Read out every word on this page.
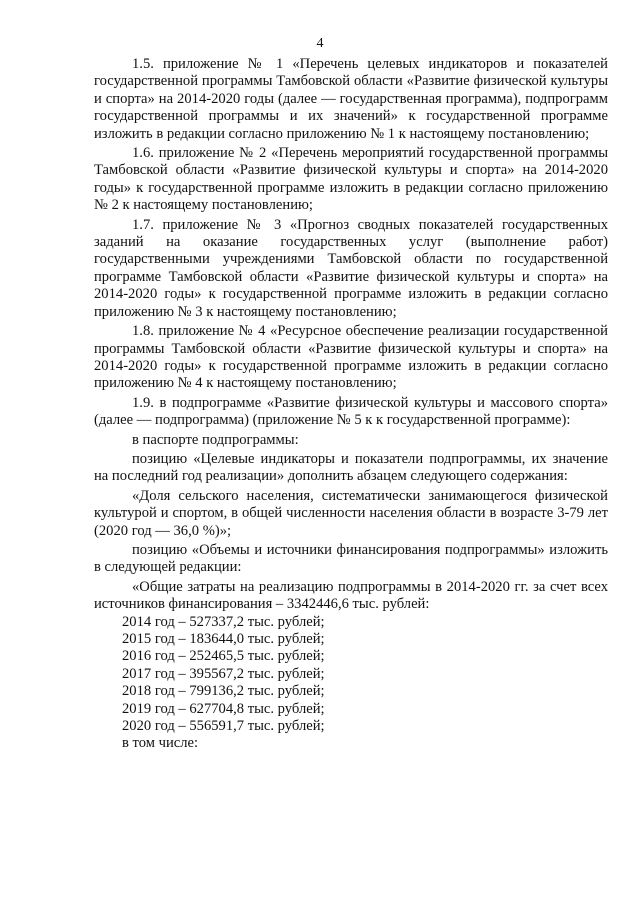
4

1.5. приложение № 1 «Перечень целевых индикаторов и показателей государственной программы Тамбовской области «Развитие физической культуры и спорта» на 2014-2020 годы (далее — государственная программа), подпрограмм государственной программы и их значений» к государственной программе изложить в редакции согласно приложению № 1 к настоящему постановлению;

1.6. приложение № 2 «Перечень мероприятий государственной программы Тамбовской области «Развитие физической культуры и спорта» на 2014-2020 годы» к государственной программе изложить в редакции согласно приложению № 2 к настоящему постановлению;

1.7. приложение № 3 «Прогноз сводных показателей государственных заданий на оказание государственных услуг (выполнение работ) государственными учреждениями Тамбовской области по государственной программе Тамбовской области «Развитие физической культуры и спорта» на 2014-2020 годы» к государственной программе изложить в редакции согласно приложению № 3 к настоящему постановлению;

1.8. приложение № 4 «Ресурсное обеспечение реализации государственной программы Тамбовской области «Развитие физической культуры и спорта» на 2014-2020 годы» к государственной программе изложить в редакции согласно приложению № 4 к настоящему постановлению;

1.9. в подпрограмме «Развитие физической культуры и массового спорта» (далее — подпрограмма) (приложение № 5 к к государственной программе):

в паспорте подпрограммы:

позицию «Целевые индикаторы и показатели подпрограммы, их значение на последний год реализации» дополнить абзацем следующего содержания:

«Доля сельского населения, систематически занимающегося физической культурой и спортом, в общей численности населения области в возрасте 3-79 лет (2020 год — 36,0 %)»;

позицию «Объемы и источники финансирования подпрограммы» изложить в следующей редакции:

«Общие затраты на реализацию подпрограммы в 2014-2020 гг. за счет всех источников финансирования – 3342446,6 тыс. рублей:

2014 год – 527337,2 тыс. рублей;
2015 год – 183644,0 тыс. рублей;
2016 год – 252465,5 тыс. рублей;
2017 год – 395567,2 тыс. рублей;
2018 год – 799136,2 тыс. рублей;
2019 год – 627704,8 тыс. рублей;
2020 год – 556591,7 тыс. рублей;
в том числе:
